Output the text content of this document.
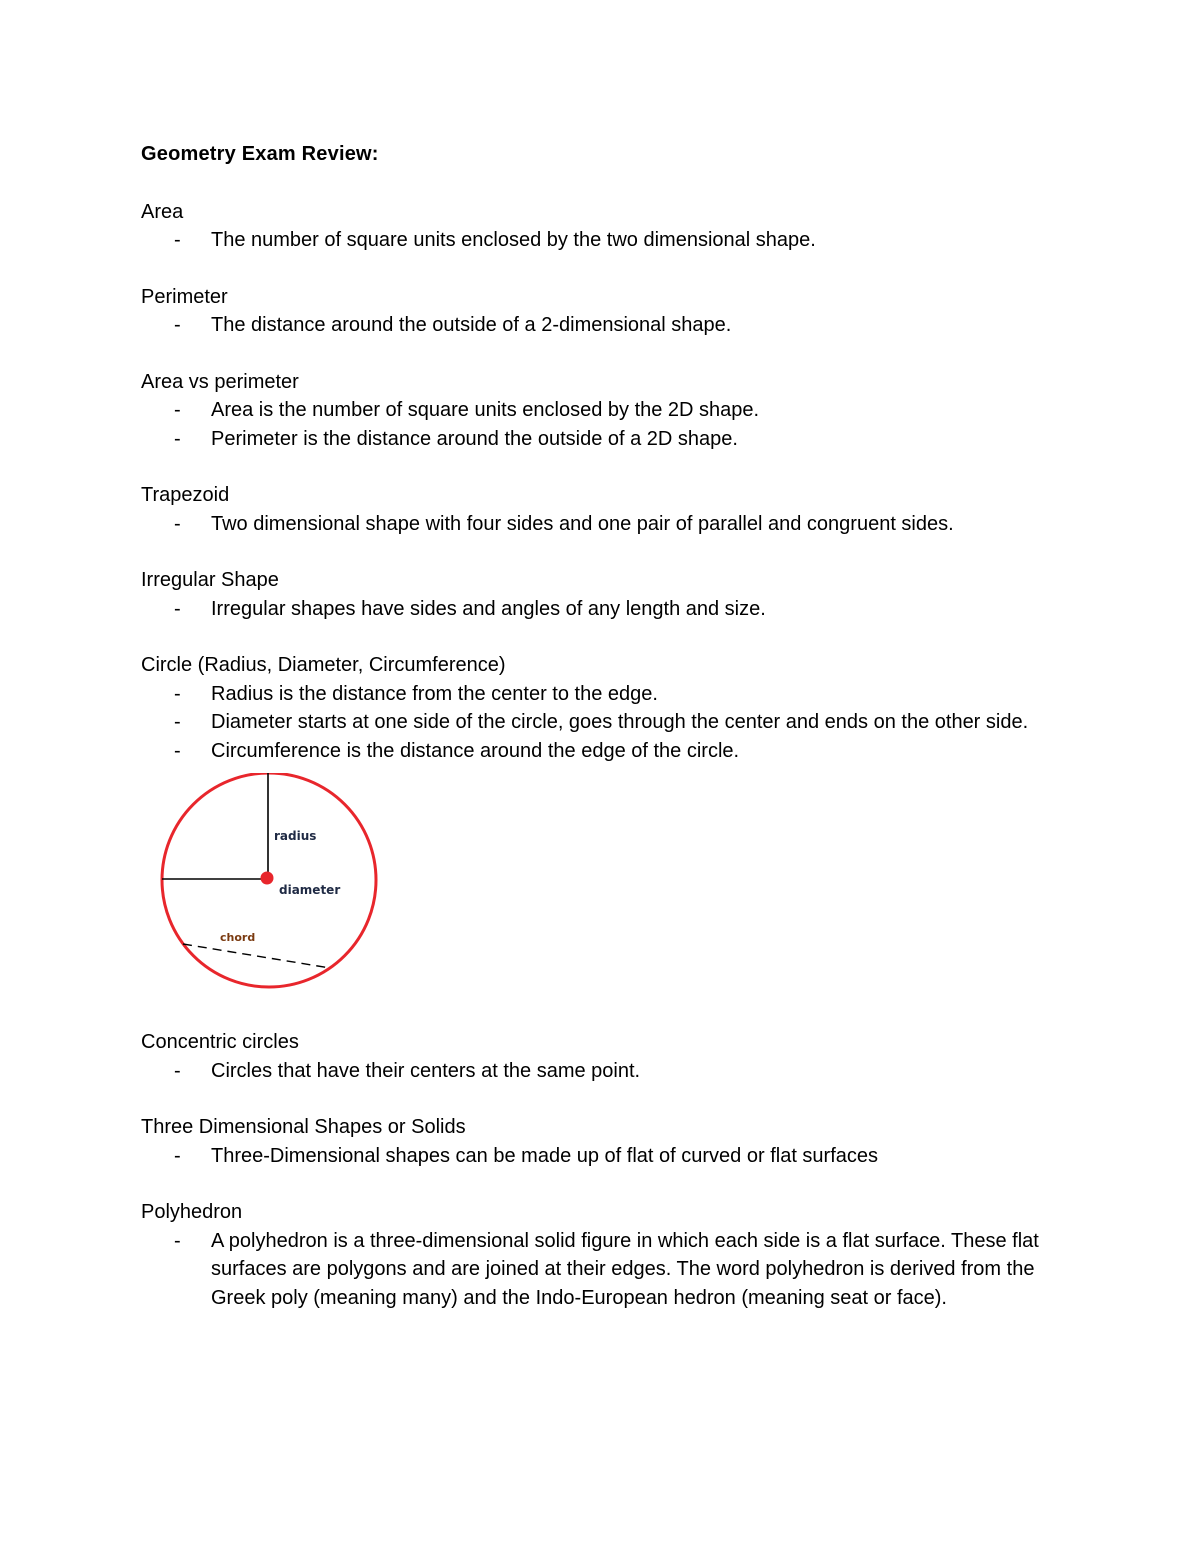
Geometry Exam Review:
Area
- The number of square units enclosed by the two dimensional shape.
Perimeter
- The distance around the outside of a 2-dimensional shape.
Area vs perimeter
- Area is the number of square units enclosed by the 2D shape.
- Perimeter is the distance around the outside of a 2D shape.
Trapezoid
- Two dimensional shape with four sides and one pair of parallel and congruent sides.
Irregular Shape
- Irregular shapes have sides and angles of any length and size.
Circle (Radius, Diameter, Circumference)
- Radius is the distance from the center to the edge.
- Diameter starts at one side of the circle, goes through the center and ends on the other side.
- Circumference is the distance around the edge of the circle.
radius
diameter
chord
Concentric circles
- Circles that have their centers at the same point.
Three Dimensional Shapes or Solids
- Three-Dimensional shapes can be made up of flat of curved or flat surfaces
Polyhedron
- A polyhedron is a three-dimensional solid figure in which each side is a flat surface. These flat surfaces are polygons and are joined at their edges. The word polyhedron is derived from the Greek poly (meaning many) and the Indo-European hedron (meaning seat or face).
